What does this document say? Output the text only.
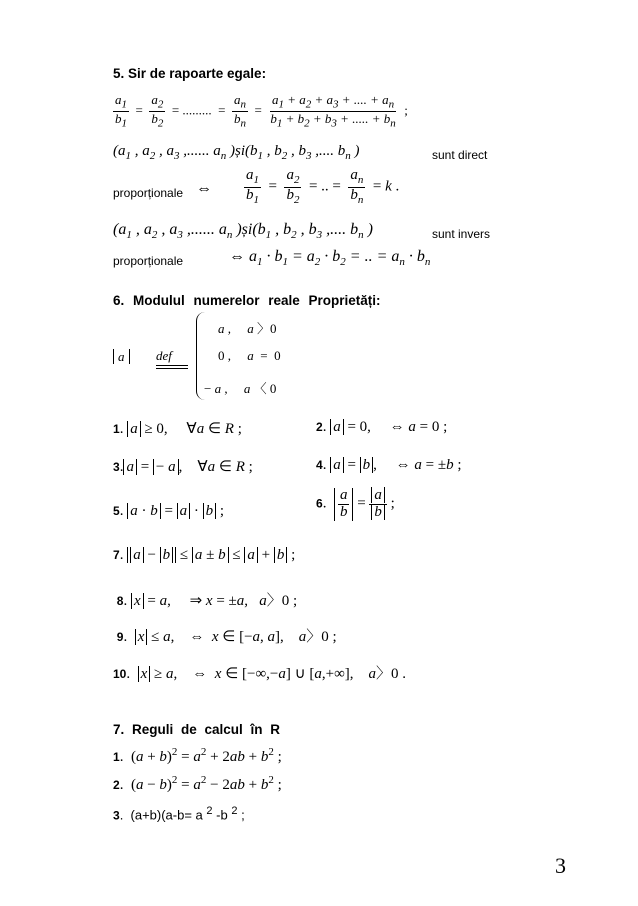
5. Sir de rapoarte egale:
$\frac{a_1}{b_1} = \frac{a_2}{b_2}$ = .........  = $\frac{a_n}{b_n} = \frac{a_1 + a_2 + a_3 + .... + a_n}{b_1 + b_2 + b_3 + ..... + b_n}$ ;
($a_1$ , $a_2$ , $a_3$ ,...... $a_n$ )$și(b_1$ , $b_2$ , $b_3$ ,.... $b_n$ )	sunt direct
proporționale ⇔ $\frac{a_1}{b_1} = \frac{a_2}{b_2}$ = .. = $\frac{a_n}{b_n} = k$ .
($a_1$ , $a_2$ , $a_3$ ,...... $a_n$ )$și(b_1$ , $b_2$ , $b_3$ ,.... $b_n$ )	sunt invers
proporționale	⇔ $a_1 \cdot b_1 = a_2 \cdot b_2$ = .. = $a_n \cdot b_n$
6. Modulul numerelor reale Proprietăți:
a	def
a ,     a 〉0
0 ,     a  =  0
− a ,     a 〈 0
1. a ≥ 0,     ∀a ∈ R ;	2. a = 0,     ⇔ a = 0 ;
3. a = − a ,    ∀a ∈ R ;	4. a = b ,     ⇔ a = ±b ;
5. a · b = a · b ;	6. $\frac{a}{b} = \frac{a}{b}$ ;
7. a − b ≤ a ± b ≤ a + b ;
8. x = a,     ⇒ x = ±a,   a〉0 ;
9.  x ≤ a,    ⇔  x ∈ [−a, a],    a〉0 ;
10.  x ≥ a,    ⇔  x ∈ [−∞,−a] ∪ [a,+∞],    a〉0 .
7. Reguli de calcul în R
1.  $(a + b)^2 = a^2 + 2ab + b^2$ ;
2.  $(a - b)^2 = a^2 - 2ab + b^2$ ;
3.  (a+b)(a-b= a $^2$ -b $^2$ ;
3
